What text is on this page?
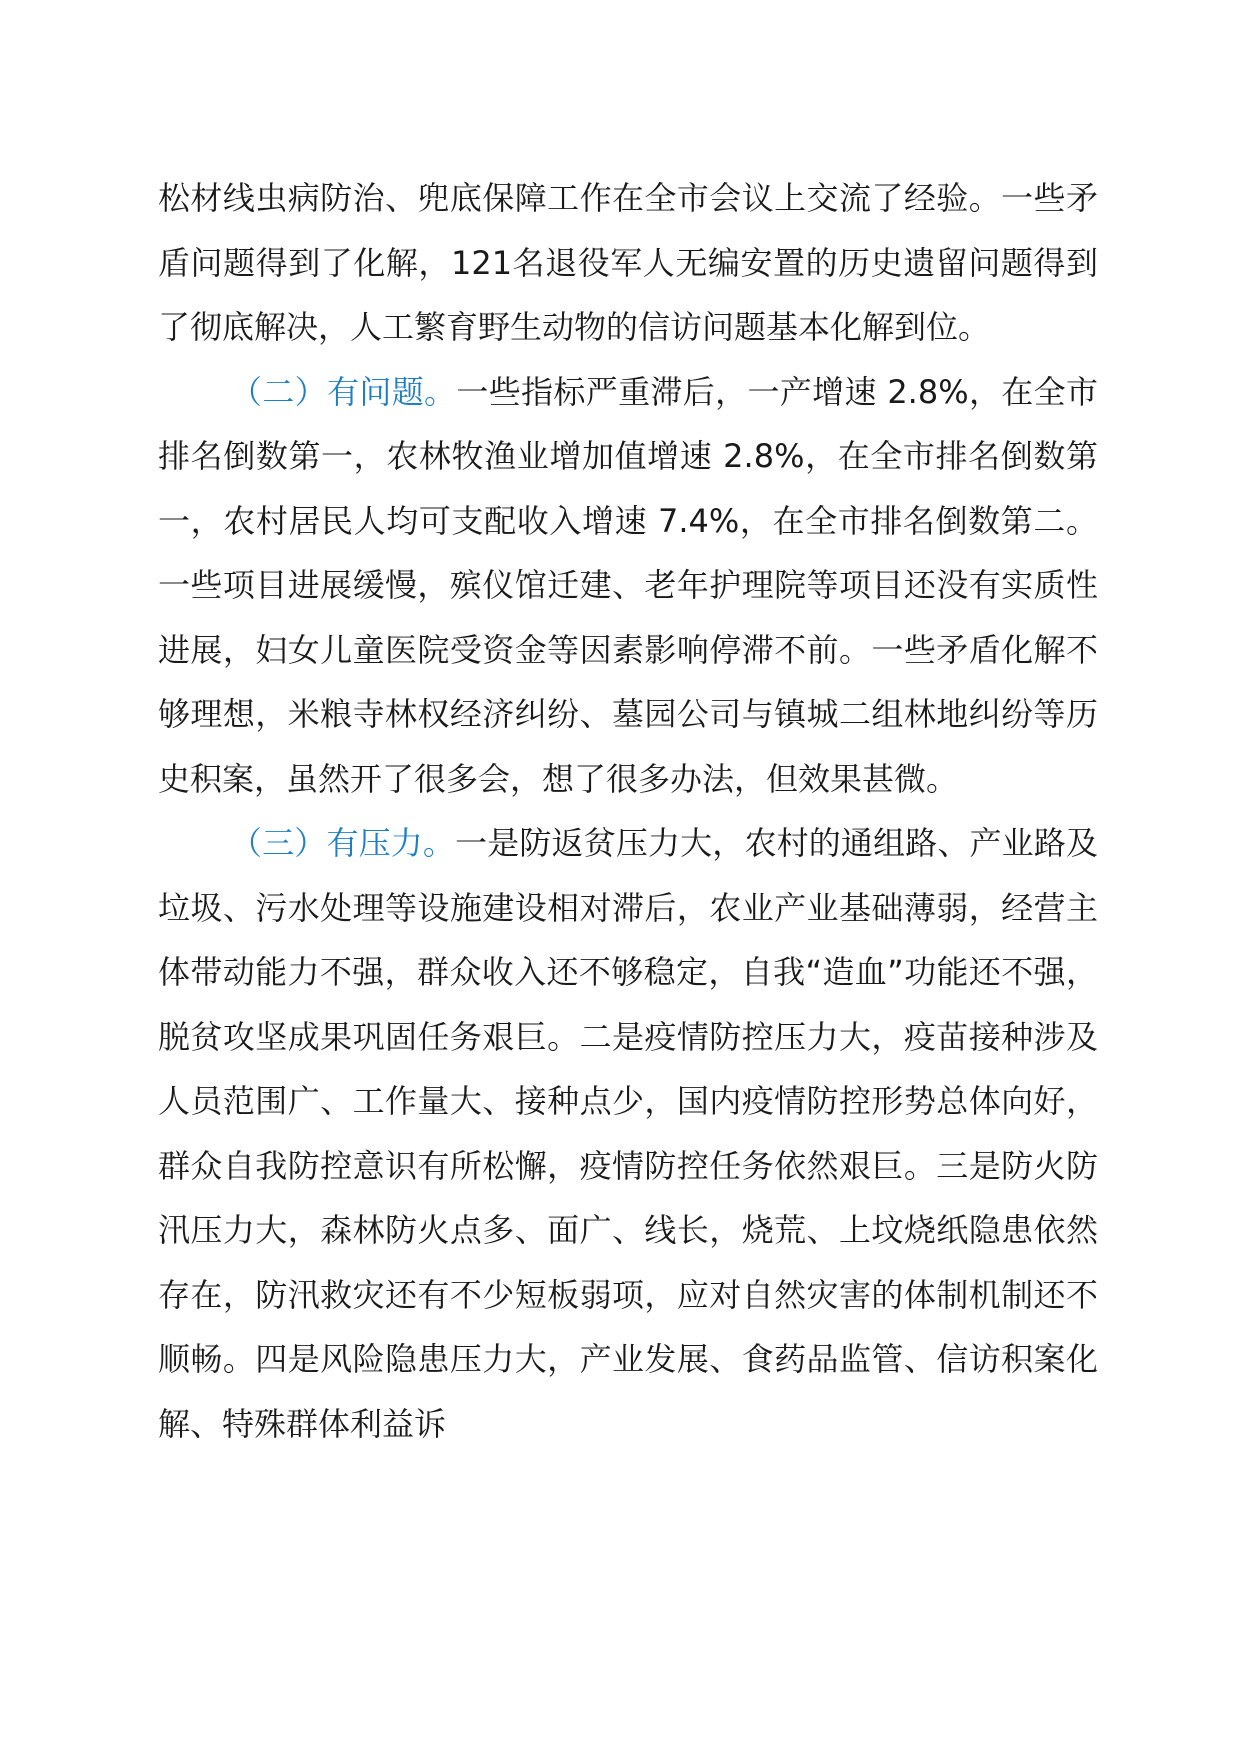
松材线虫病防治、兜底保障工作在全市会议上交流了经验。一些矛盾问题得到了化解，121名退役军人无编安置的历史遗留问题得到了彻底解决，人工繁育野生动物的信访问题基本化解到位。

（二）有问题。一些指标严重滞后，一产增速 2.8%，在全市排名倒数第一，农林牧渔业增加值增速 2.8%，在全市排名倒数第一，农村居民人均可支配收入增速 7.4%，在全市排名倒数第二。一些项目进展缓慢，殡仪馆迁建、老年护理院等项目还没有实质性进展，妇女儿童医院受资金等因素影响停滞不前。一些矛盾化解不够理想，米粮寺林权经济纠纷、墓园公司与镇城二组林地纠纷等历史积案，虽然开了很多会，想了很多办法，但效果甚微。

（三）有压力。一是防返贫压力大，农村的通组路、产业路及垃圾、污水处理等设施建设相对滞后，农业产业基础薄弱，经营主体带动能力不强，群众收入还不够稳定，自我“造血”功能还不强，脱贫攻坚成果巩固任务艰巨。二是疫情防控压力大，疫苗接种涉及人员范围广、工作量大、接种点少，国内疫情防控形势总体向好，群众自我防控意识有所松懈，疫情防控任务依然艰巨。三是防火防汛压力大，森林防火点多、面广、线长，烧荒、上坟烧纸隐患依然存在，防汛救灾还有不少短板弱项，应对自然灾害的体制机制还不顺畅。四是风险隐患压力大，产业发展、食药品监管、信访积案化解、特殊群体利益诉
